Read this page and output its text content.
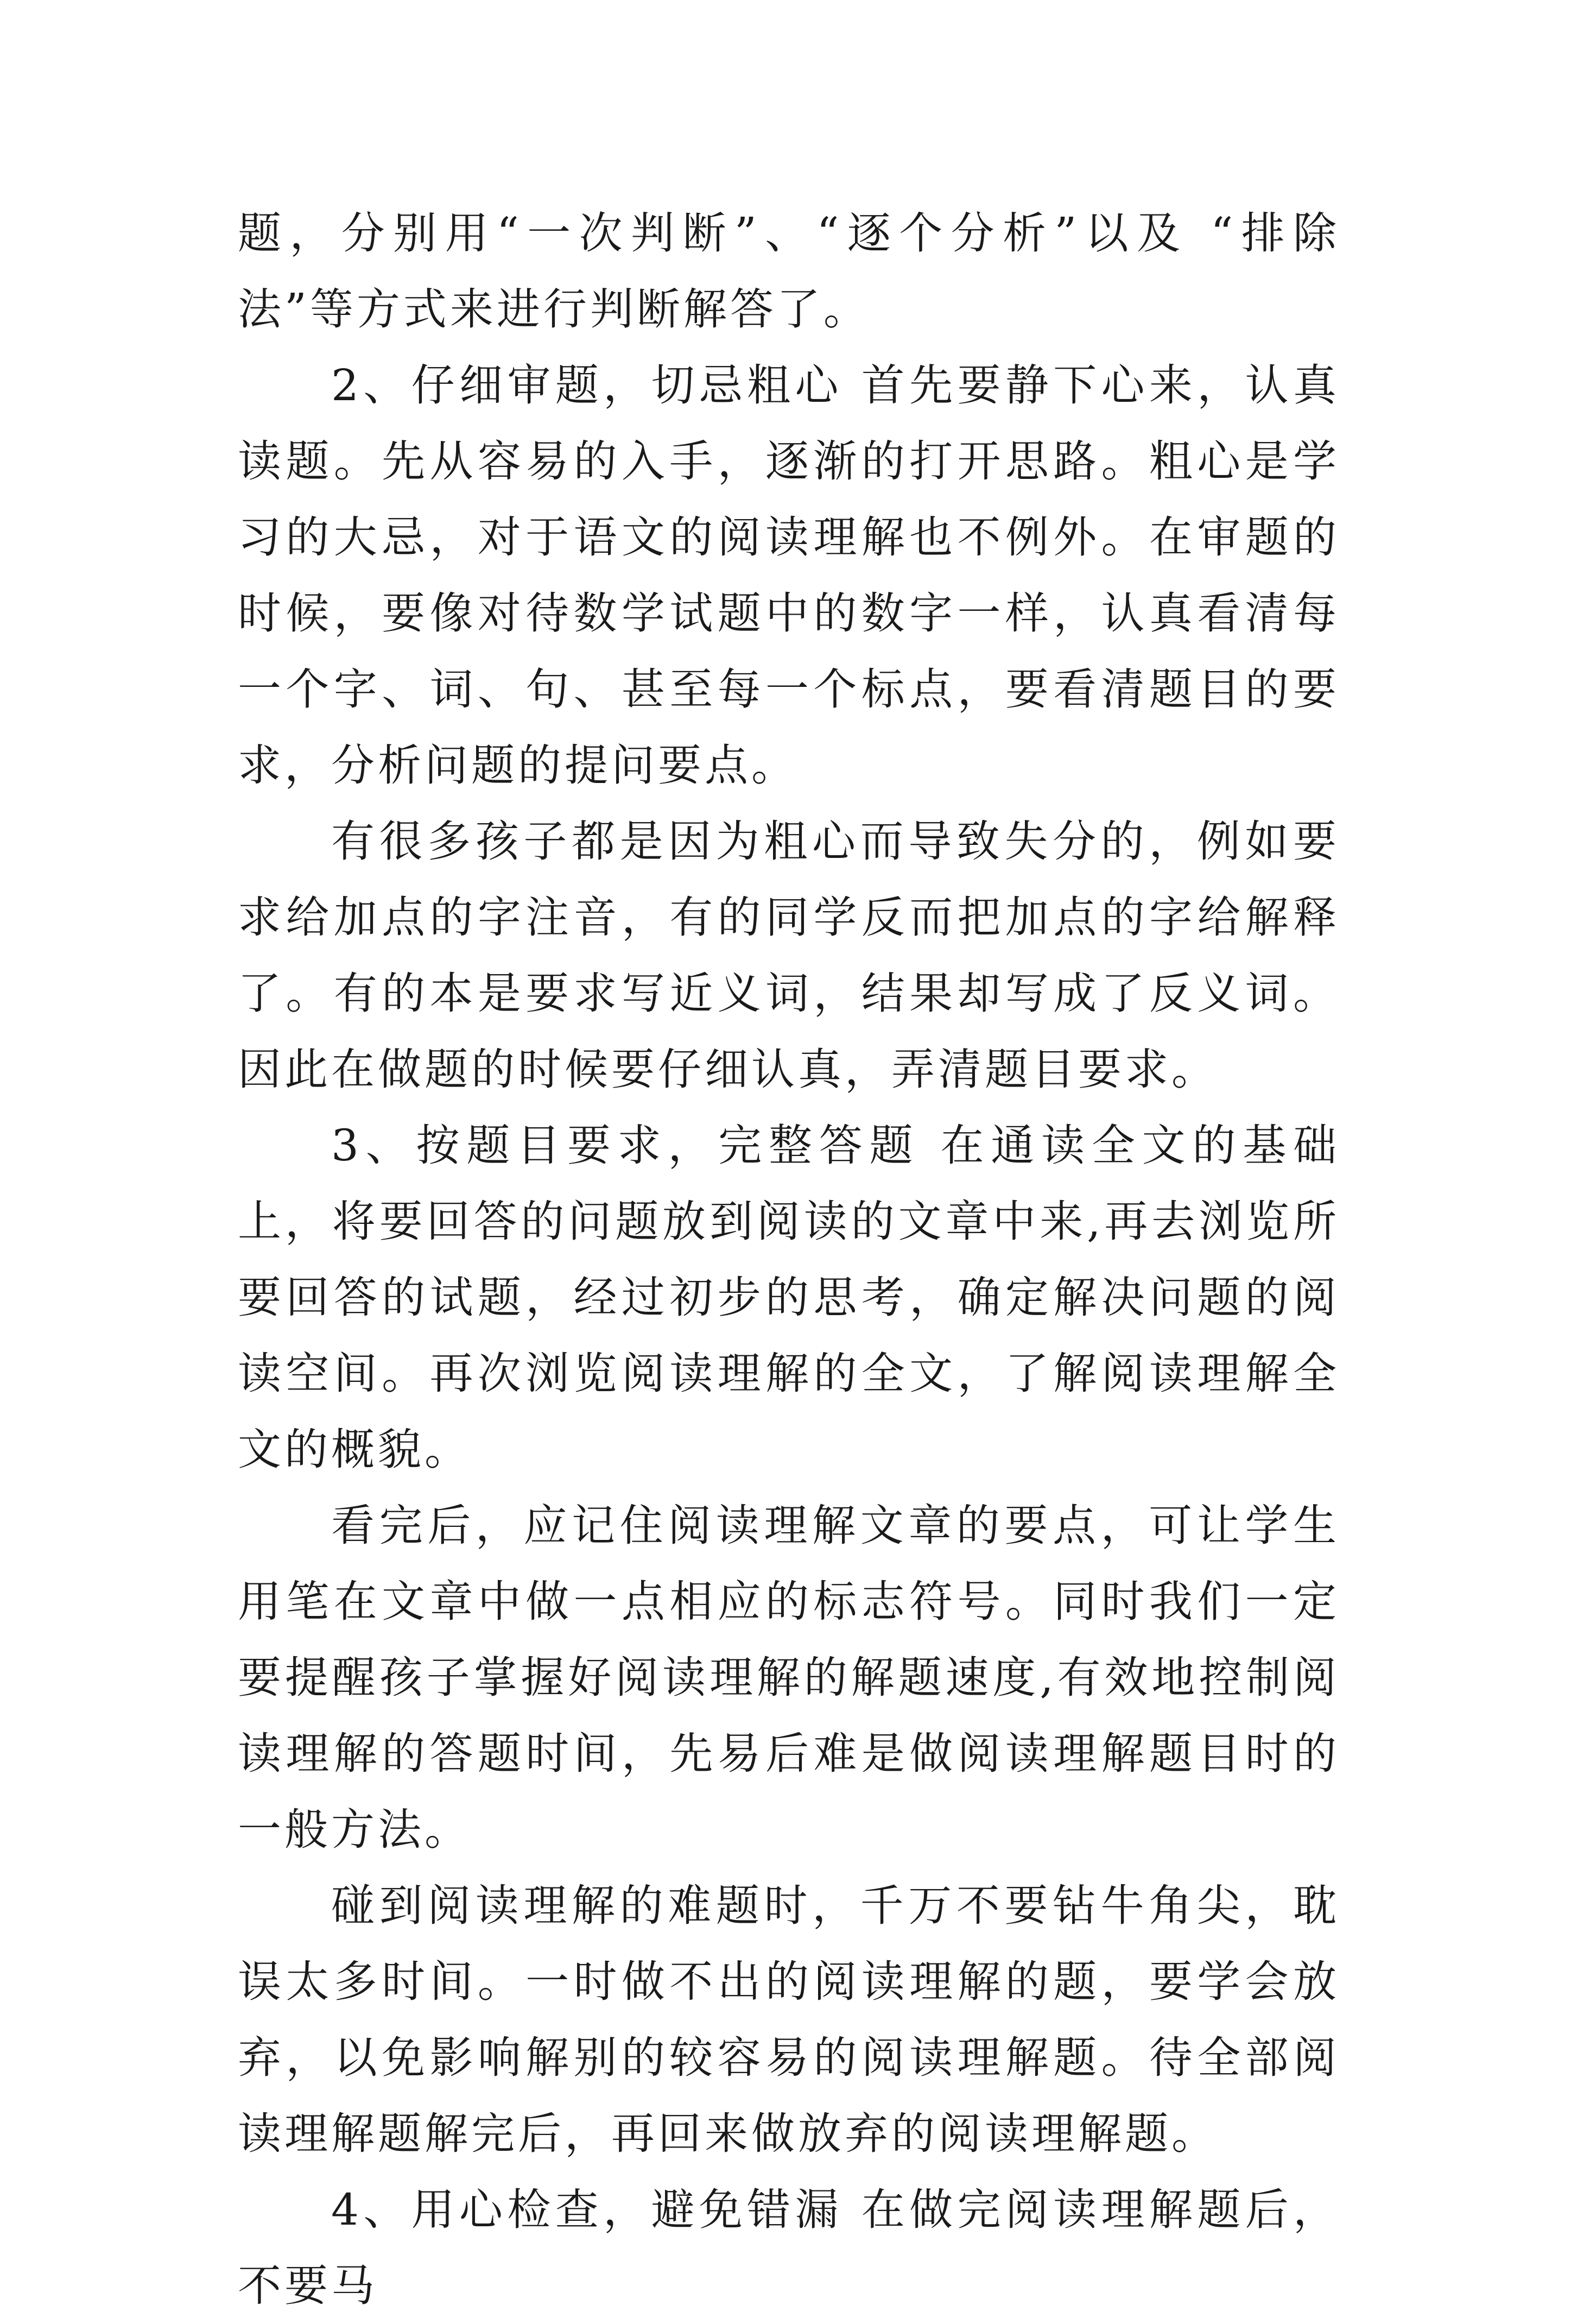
题，分别用“一次判断”、“逐个分析”以及 “排除法”等方式来进行判断解答了。

2、仔细审题，切忌粗心 首先要静下心来，认真读题。先从容易的入手，逐渐的打开思路。粗心是学习的大忌，对于语文的阅读理解也不例外。在审题的时候，要像对待数学试题中的数字一样，认真看清每一个字、词、句、甚至每一个标点，要看清题目的要求，分析问题的提问要点。

有很多孩子都是因为粗心而导致失分的，例如要求给加点的字注音，有的同学反而把加点的字给解释了。有的本是要求写近义词，结果却写成了反义词。因此在做题的时候要仔细认真，弄清题目要求。

3、按题目要求，完整答题 在通读全文的基础上，将要回答的问题放到阅读的文章中来,再去浏览所要回答的试题，经过初步的思考，确定解决问题的阅读空间。再次浏览阅读理解的全文，了解阅读理解全文的概貌。

看完后，应记住阅读理解文章的要点，可让学生用笔在文章中做一点相应的标志符号。同时我们一定要提醒孩子掌握好阅读理解的解题速度,有效地控制阅读理解的答题时间，先易后难是做阅读理解题目时的一般方法。

碰到阅读理解的难题时，千万不要钻牛角尖，耽误太多时间。一时做不出的阅读理解的题，要学会放弃，以免影响解别的较容易的阅读理解题。待全部阅读理解题解完后，再回来做放弃的阅读理解题。

4、用心检查，避免错漏 在做完阅读理解题后，不要马
